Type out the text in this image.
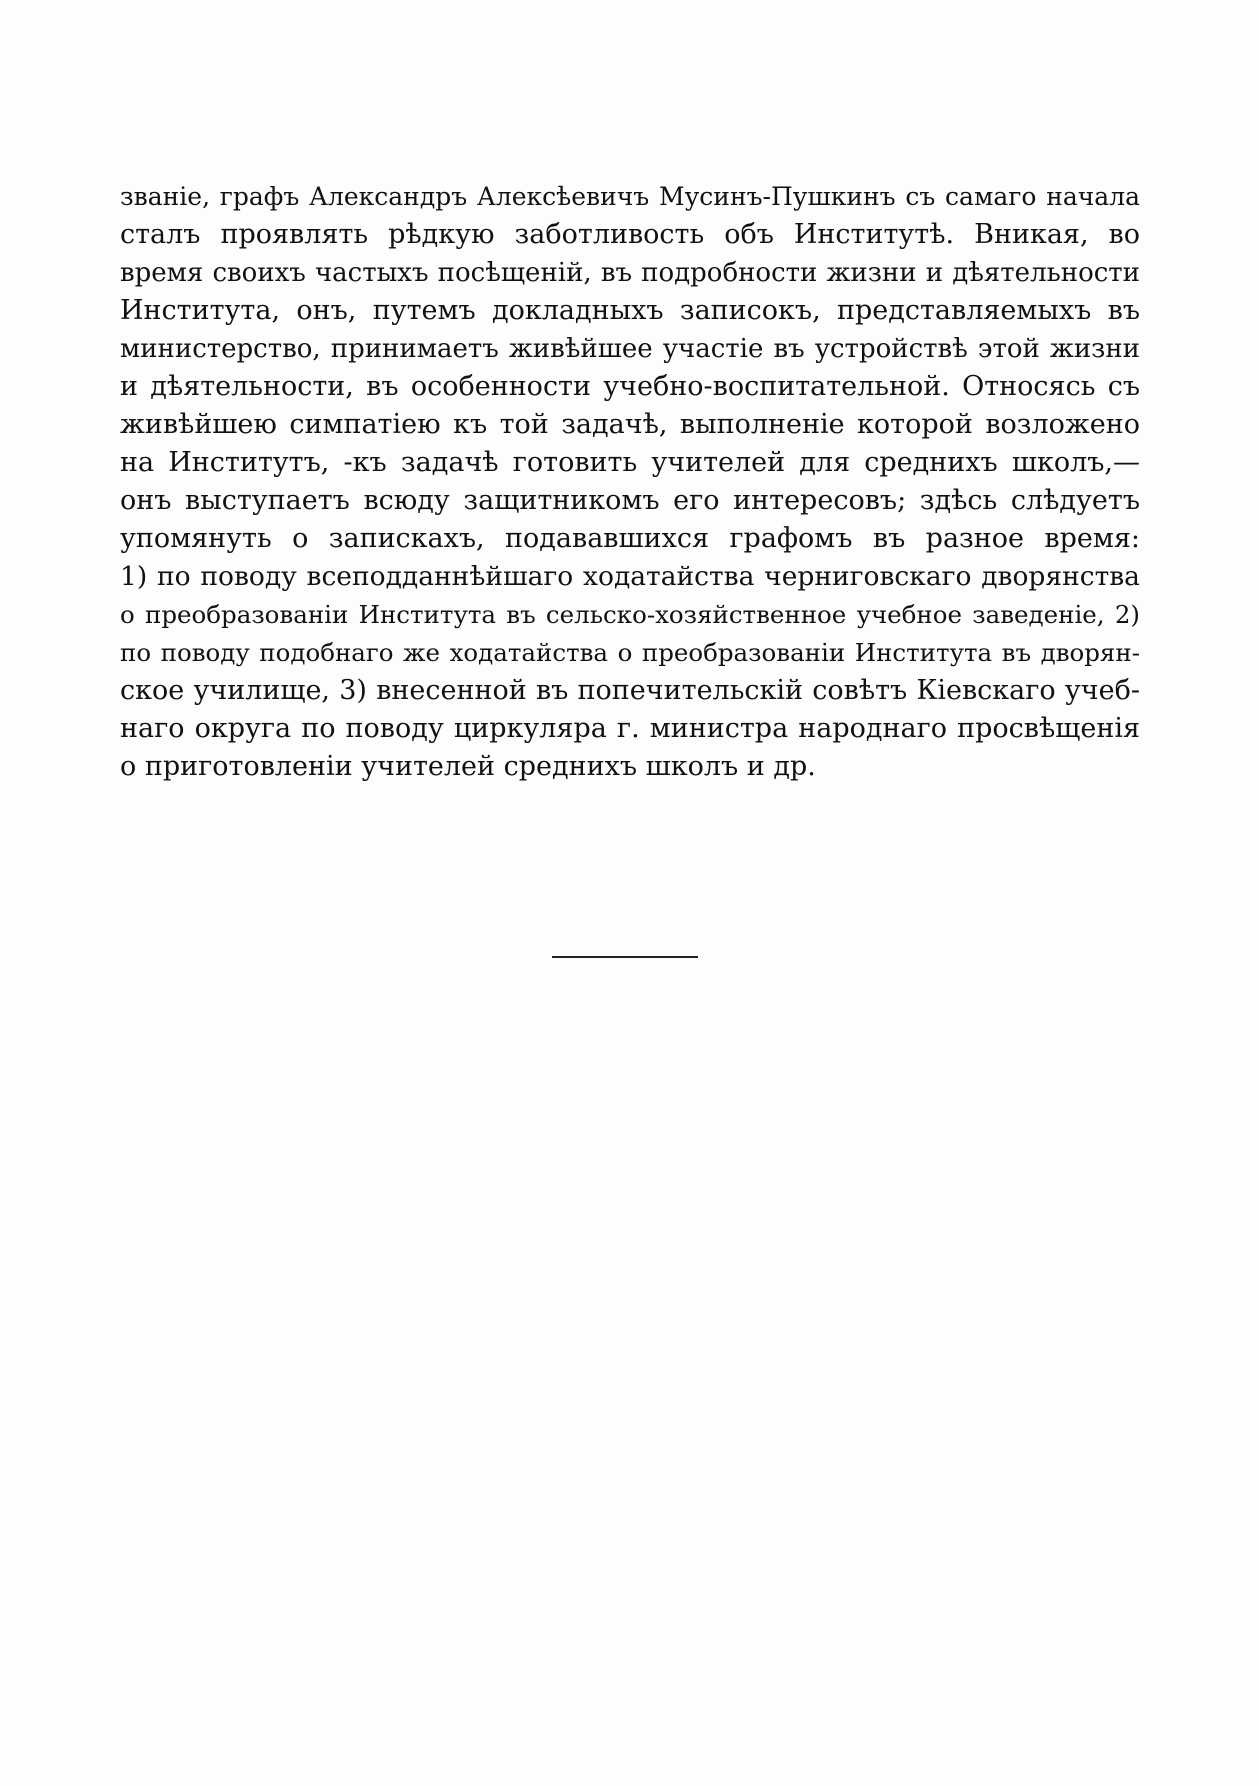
званіе, графъ Александръ Алексѣевичъ Мусинъ-Пушкинъ съ самаго начала
сталъ проявлять рѣдкую заботливость объ Институтѣ. Вникая, во
время своихъ частыхъ посѣщеній, въ подробности жизни и дѣятельности
Института, онъ, путемъ докладныхъ записокъ, представляемыхъ въ
министерство, принимаетъ живѣйшее участіе въ устройствѣ этой жизни
и дѣятельности, въ особенности учебно-воспитательной. Относясь съ
живѣйшею симпатіею къ той задачѣ, выполненіе которой возложено
на Институтъ, -къ задачѣ готовить учителей для среднихъ школъ,—
онъ выступаетъ всюду защитникомъ его интересовъ; здѣсь слѣдуетъ
упомянуть о запискахъ, подававшихся графомъ въ разное время:
1) по поводу всеподданнѣйшаго ходатайства черниговскаго дворянства
о преобразованіи Института въ сельско-хозяйственное учебное заведеніе, 2)
по поводу подобнаго же ходатайства о преобразованіи Института въ дворян-
ское училище, 3) внесенной въ попечительскій совѣтъ Кіевскаго учеб-
наго округа по поводу циркуляра г. министра народнаго просвѣщенія
о приготовленіи учителей среднихъ школъ и др.
